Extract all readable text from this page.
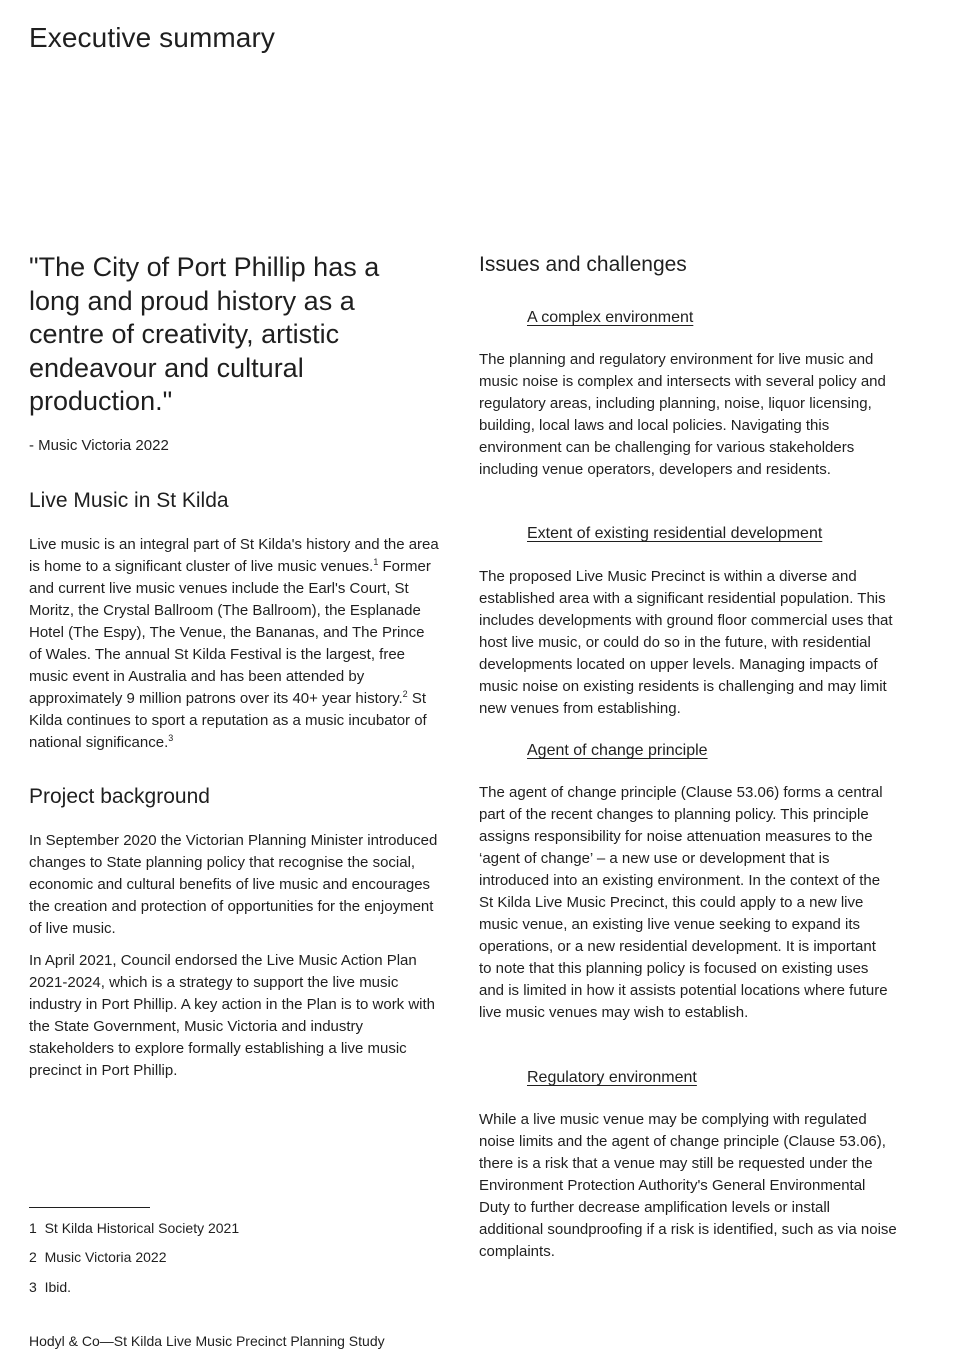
Executive summary
"The City of Port Phillip has a long and proud history as a centre of creativity, artistic endeavour and cultural production."
- Music Victoria 2022
Live Music in St Kilda
Live music is an integral part of St Kilda's history and the area is home to a significant cluster of live music venues.$^1$ Former and current live music venues include the Earl's Court, St Moritz, the Crystal Ballroom (The Ballroom), the Esplanade Hotel (The Espy), The Venue, the Bananas, and The Prince of Wales. The annual St Kilda Festival is the largest, free music event in Australia and has been attended by approximately 9 million patrons over its 40+ year history.$^2$ St Kilda continues to sport a reputation as a music incubator of national significance.$^3$
Project background
In September 2020 the Victorian Planning Minister introduced changes to State planning policy that recognise the social, economic and cultural benefits of live music and encourages the creation and protection of opportunities for the enjoyment of live music.
In April 2021, Council endorsed the Live Music Action Plan 2021-2024, which is a strategy to support the live music industry in Port Phillip. A key action in the Plan is to work with the State Government, Music Victoria and industry stakeholders to explore formally establishing a live music precinct in Port Phillip.
1 St Kilda Historical Society 2021
2 Music Victoria 2022
3 Ibid.
Hodyl & Co—St Kilda Live Music Precinct Planning Study
Issues and challenges
A complex environment
The planning and regulatory environment for live music and music noise is complex and intersects with several policy and regulatory areas, including planning, noise, liquor licensing, building, local laws and local policies. Navigating this environment can be challenging for various stakeholders including venue operators, developers and residents.
Extent of existing residential development
The proposed Live Music Precinct is within a diverse and established area with a significant residential population. This includes developments with ground floor commercial uses that host live music, or could do so in the future, with residential developments located on upper levels. Managing impacts of music noise on existing residents is challenging and may limit new venues from establishing.
Agent of change principle
The agent of change principle (Clause 53.06) forms a central part of the recent changes to planning policy. This principle assigns responsibility for noise attenuation measures to the ‘agent of change’ – a new use or development that is introduced into an existing environment. In the context of the St Kilda Live Music Precinct, this could apply to a new live music venue, an existing live venue seeking to expand its operations, or a new residential development. It is important to note that this planning policy is focused on existing uses and is limited in how it assists potential locations where future live music venues may wish to establish.
Regulatory environment
While a live music venue may be complying with regulated noise limits and the agent of change principle (Clause 53.06), there is a risk that a venue may still be requested under the Environment Protection Authority's General Environmental Duty to further decrease amplification levels or install additional soundproofing if a risk is identified, such as via noise complaints.
